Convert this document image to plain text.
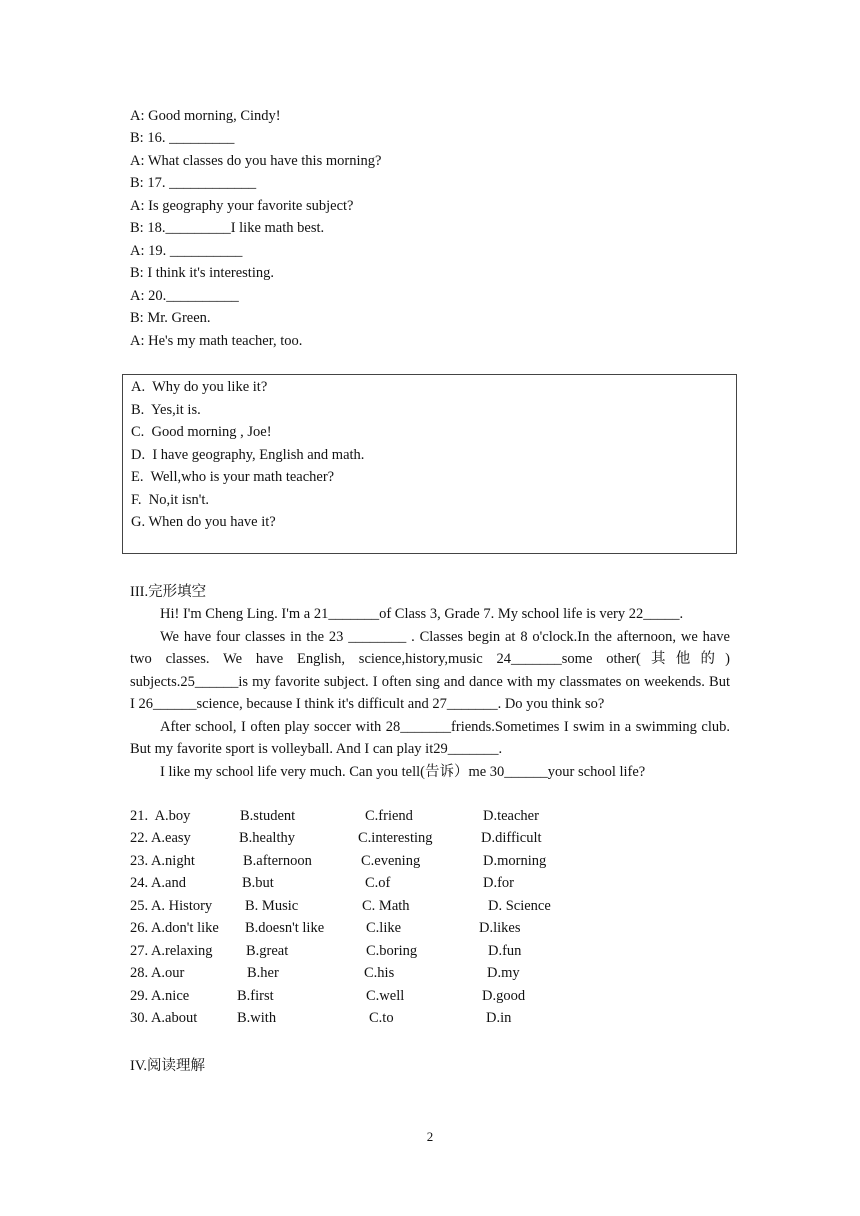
A: Good morning, Cindy!
B: 16. _________
A: What classes do you have this morning?
B: 17. ____________
A: Is geography your favorite subject?
B: 18._________I like math best.
A: 19. __________
B: I think it's interesting.
A: 20.__________
B: Mr. Green.
A: He's my math teacher, too.
A.  Why do you like it?
B.  Yes,it is.
C.  Good morning , Joe!
D.  I have geography, English and math.
E.  Well,who is your math teacher?
F.  No,it isn't.
G. When do you have it?
III.完形填空

Hi! I'm Cheng Ling. I'm a 21_______of Class 3, Grade 7. My school life is very 22_____.

We have four classes in the 23 ________ . Classes begin at 8 o'clock.In the afternoon, we have two classes. We have English, science,history,music 24_______some other(其他的) subjects.25______is my favorite subject. I often sing and dance with my classmates on weekends. But I 26______science, because I think it's difficult and 27_______. Do you think so?

After school, I often play soccer with 28_______friends.Sometimes I swim in a swimming club. But my favorite sport is volleyball. And I can play it29_______.

I like my school life very much. Can you tell(告诉）me 30______your school life?

21.  A.boy	B.student	C.friend	D.teacher
22. A.easy	B.healthy	C.interesting	D.difficult
23. A.night	B.afternoon	C.evening	D.morning
24. A.and	B.but	C.of	D.for
25. A. History B. Music	C. Math	D. Science
26. A.don't like B.doesn't like	C.like	D.likes
27. A.relaxing B.great	C.boring	D.fun
28. A.our	B.her	C.his	D.my
29. A.nice	B.first	C.well	D.good
30. A.about	B.with	C.to	D.in
IV.阅读理解
2
